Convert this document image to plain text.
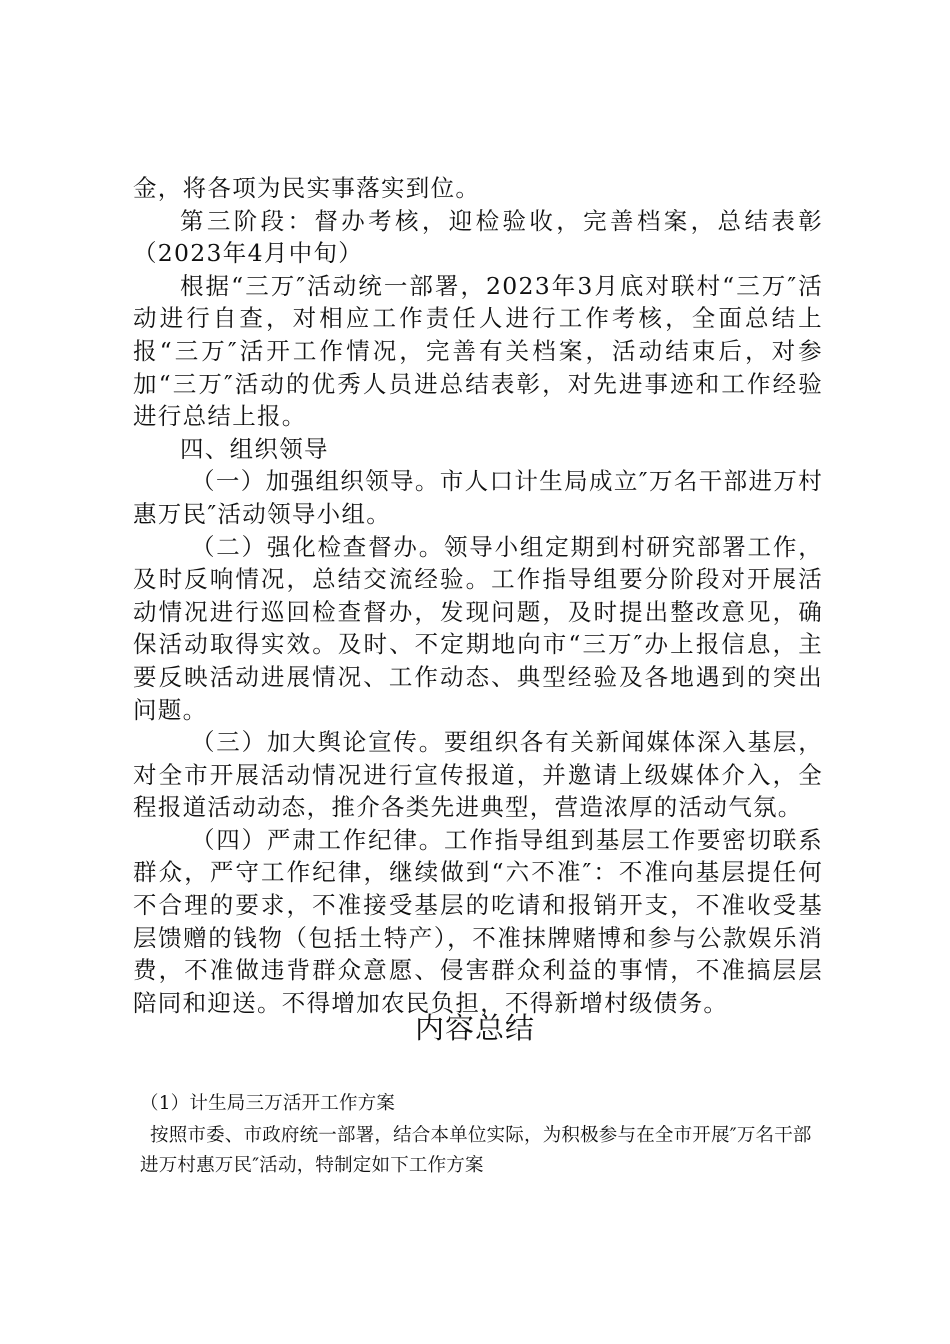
金，将各项为民实事落实到位。

第三阶段：督办考核，迎检验收，完善档案，总结表彰（2023年4月中旬）

根据“三万″活动统一部署，2023年3月底对联村“三万″活动进行自查，对相应工作责任人进行工作考核，全面总结上报“三万″活开工作情况，完善有关档案，活动结束后，对参加“三万″活动的优秀人员进总结表彰，对先进事迹和工作经验进行总结上报。

四、组织领导

（一）加强组织领导。市人口计生局成立″万名干部进万村惠万民″活动领导小组。

（二）强化检查督办。领导小组定期到村研究部署工作，及时反响情况，总结交流经验。工作指导组要分阶段对开展活动情况进行巡回检查督办，发现问题，及时提出整改意见，确保活动取得实效。及时、不定期地向市“三万″办上报信息，主要反映活动进展情况、工作动态、典型经验及各地遇到的突出问题。

（三）加大舆论宣传。要组织各有关新闻媒体深入基层，对全市开展活动情况进行宣传报道，并邀请上级媒体介入，全程报道活动动态，推介各类先进典型，营造浓厚的活动气氛。

（四）严肃工作纪律。工作指导组到基层工作要密切联系群众，严守工作纪律，继续做到“六不准″：不准向基层提任何不合理的要求，不准接受基层的吃请和报销开支，不准收受基层馈赠的钱物（包括土特产），不准抹牌赌博和参与公款娱乐消费，不准做违背群众意愿、侵害群众利益的事情，不准搞层层陪同和迎送。不得增加农民负担，不得新增村级债务。

内容总结

（1）计生局三万活开工作方案

按照市委、市政府统一部署，结合本单位实际，为积极参与在全市开展″万名干部进万村惠万民″活动，特制定如下工作方案
